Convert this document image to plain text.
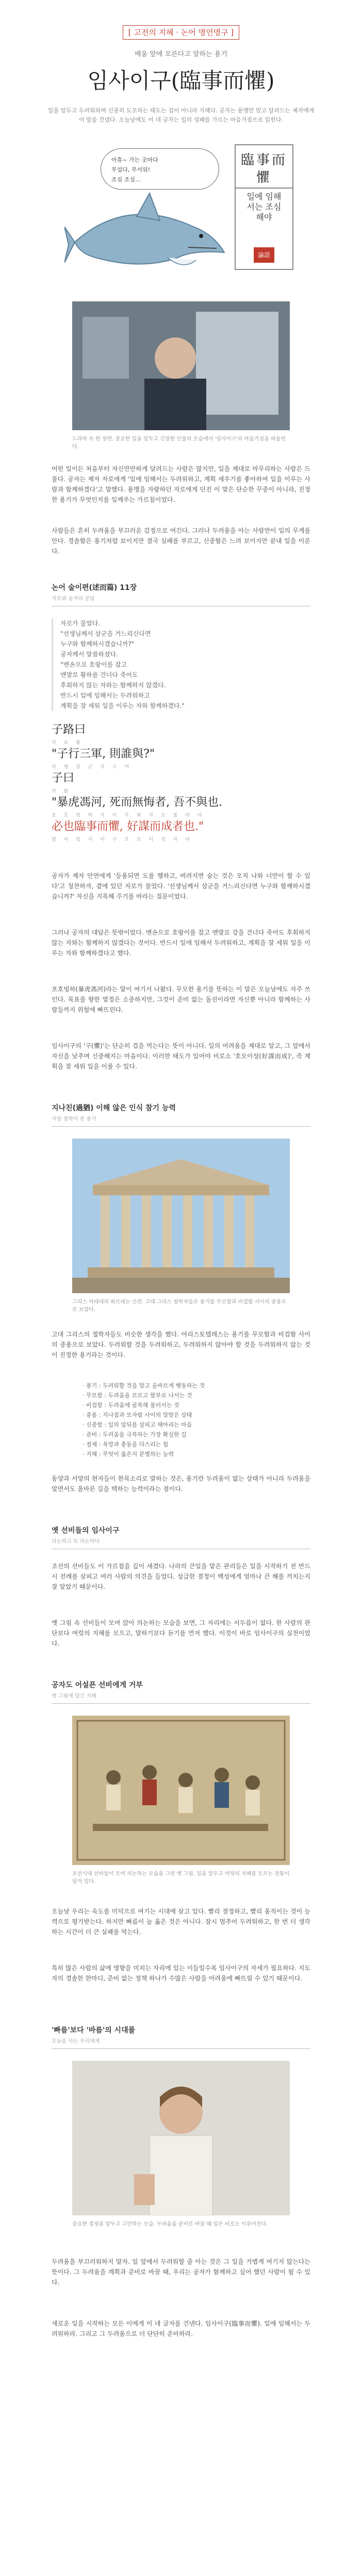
[ 고전의 지혜 · 논어 명언명구 ]
배움 앞에 모른다고 말하는 용기
임사이구(臨事而懼)
일을 앞두고 두려워하며 신중히 도모하는 태도는 겁이 아니라 지혜다. 공자는 용맹만 믿고 달려드는 제자에게 이 말을 건넸다. 오늘날에도 이 네 글자는 일의 성패를 가르는 마음가짐으로 읽힌다.
아휴~ 가는 곳마다
무섭다, 무서워!
조심 조심…
臨事而懼
일에 임해서는 조심해야
論語
드라마 속 한 장면. 중요한 일을 앞두고 긴장한 인물의 모습에서 '임사이구'의 마음가짐을 떠올린다.
어떤 일이든 처음부터 자신만만하게 달려드는 사람은 많지만, 일을 제대로 마무리하는 사람은 드물다. 공자는 제자 자로에게 '일에 임해서는 두려워하고, 계획 세우기를 좋아하여 일을 이루는 사람과 함께하겠다'고 말했다. 용맹을 자랑하던 자로에게 던진 이 말은 단순한 꾸중이 아니라, 진정한 용기가 무엇인지를 일깨우는 가르침이었다.
사람들은 흔히 두려움을 부끄러운 감정으로 여긴다. 그러나 두려움을 아는 사람만이 일의 무게를 안다. 경솔함은 용기처럼 보이지만 결국 실패를 부르고, 신중함은 느려 보이지만 끝내 일을 이룬다.
논어 술이편(述而篇) 11장
자로와 공자의 문답
자로가 물었다.
"선생님께서 삼군을 거느리신다면
누구와 함께하시겠습니까?"
공자께서 말씀하셨다.
"맨손으로 호랑이를 잡고
맨발로 황하를 건너다 죽어도
후회하지 않는 자와는 함께하지 않겠다.
반드시 일에 임해서는 두려워하고
계획을 잘 세워 일을 이루는 자와 함께하겠다."
子路曰
자 로 왈
"子行三軍, 則誰與?"
자 행 삼 군 즉 수 여
子曰
자 왈
"暴虎馮河, 死而無悔者, 吾不與也.
포 호 빙 하 사 이 무 회 자 오 불 여 야
必也臨事而懼, 好謀而成者也."
필 야 임 사 이 구 호 모 이 성 자 야
공자가 제자 안연에게 '등용되면 도를 행하고, 버려지면 숨는 것은 오직 나와 너만이 할 수 있다'고 칭찬하자, 곁에 있던 자로가 물었다. '선생님께서 삼군을 거느리신다면 누구와 함께하시겠습니까?' 자신을 지목해 주기를 바라는 질문이었다.
그러나 공자의 대답은 뜻밖이었다. 맨손으로 호랑이를 잡고 맨발로 강을 건너다 죽어도 후회하지 않는 자와는 함께하지 않겠다는 것이다. 반드시 일에 임해서 두려워하고, 계획을 잘 세워 일을 이루는 자와 함께하겠다고 했다.
포호빙하(暴虎馮河)라는 말이 여기서 나왔다. 무모한 용기를 뜻하는 이 말은 오늘날에도 자주 쓰인다. 목표를 향한 열정은 소중하지만, 그것이 준비 없는 돌진이라면 자신뿐 아니라 함께하는 사람들까지 위험에 빠뜨린다.
임사이구의 '구(懼)'는 단순히 겁을 먹는다는 뜻이 아니다. 일의 어려움을 제대로 알고, 그 앞에서 자신을 낮추며 신중해지는 마음이다. 이러한 태도가 있어야 비로소 '호모이성(好謀而成)', 즉 계획을 잘 세워 일을 이룰 수 있다.
지나친(過猶) 이해 않은 인식 참기 능력
서양 철학이 본 용기
그리스 아테네의 파르테논 신전. 고대 그리스 철학자들은 용기를 무모함과 비겁함 사이의 중용으로 보았다.
고대 그리스의 철학자들도 비슷한 생각을 했다. 아리스토텔레스는 용기를 무모함과 비겁함 사이의 중용으로 보았다. 두려워할 것을 두려워하고, 두려워하지 않아야 할 것을 두려워하지 않는 것이 진정한 용기라는 것이다.
· 용기 : 두려워할 것을 알고 올바르게 행동하는 것
· 무모함 : 두려움을 모르고 함부로 나서는 것
· 비겁함 : 두려움에 굴복해 물러서는 것
· 중용 : 지나침과 모자람 사이의 알맞은 상태
· 신중함 : 일의 앞뒤를 살피고 헤아리는 마음
· 준비 : 두려움을 극복하는 가장 확실한 길
· 절제 : 욕망과 충동을 다스리는 힘
· 지혜 : 무엇이 옳은지 분별하는 능력
동양과 서양의 현자들이 한목소리로 말하는 것은, 용기란 두려움이 없는 상태가 아니라 두려움을 알면서도 올바른 길을 택하는 능력이라는 점이다.
옛 선비들의 임사이구
의논하고 또 의논하다
조선의 선비들도 이 가르침을 깊이 새겼다. 나라의 큰일을 맡은 관리들은 일을 시작하기 전 반드시 전례를 살피고 여러 사람의 의견을 들었다. 성급한 결정이 백성에게 얼마나 큰 해를 끼치는지 잘 알았기 때문이다.
옛 그림 속 선비들이 모여 앉아 의논하는 모습을 보면, 그 자리에는 서두름이 없다. 한 사람의 판단보다 여럿의 지혜를 모으고, 말하기보다 듣기를 먼저 했다. 이것이 바로 임사이구의 실천이었다.
공자도 어설픈 선비에게 거부
옛 그림에 담긴 지혜
조선시대 선비들이 모여 의논하는 모습을 그린 옛 그림. 일을 앞두고 여럿의 지혜를 모으는 전통이 담겨 있다.
오늘날 우리는 속도를 미덕으로 여기는 시대에 살고 있다. 빨리 결정하고, 빨리 움직이는 것이 능력으로 평가받는다. 하지만 빠름이 늘 옳은 것은 아니다. 잠시 멈추어 두려워하고, 한 번 더 생각하는 시간이 더 큰 실패를 막는다.
특히 많은 사람의 삶에 영향을 미치는 자리에 있는 이들일수록 임사이구의 자세가 필요하다. 지도자의 경솔한 한마디, 준비 없는 정책 하나가 수많은 사람을 어려움에 빠뜨릴 수 있기 때문이다.
'빠름'보다 '바름'의 시대를
오늘을 사는 우리에게
중요한 결정을 앞두고 고민하는 모습. 두려움을 준비로 바꿀 때 일은 비로소 이루어진다.
두려움을 부끄러워하지 말자. 일 앞에서 두려워할 줄 아는 것은 그 일을 가볍게 여기지 않는다는 뜻이다. 그 두려움을 계획과 준비로 바꿀 때, 우리는 공자가 함께하고 싶어 했던 사람이 될 수 있다.
새로운 일을 시작하는 모든 이에게 이 네 글자를 건넨다. 임사이구(臨事而懼). 일에 임해서는 두려워하라. 그리고 그 두려움으로 더 단단히 준비하라.
